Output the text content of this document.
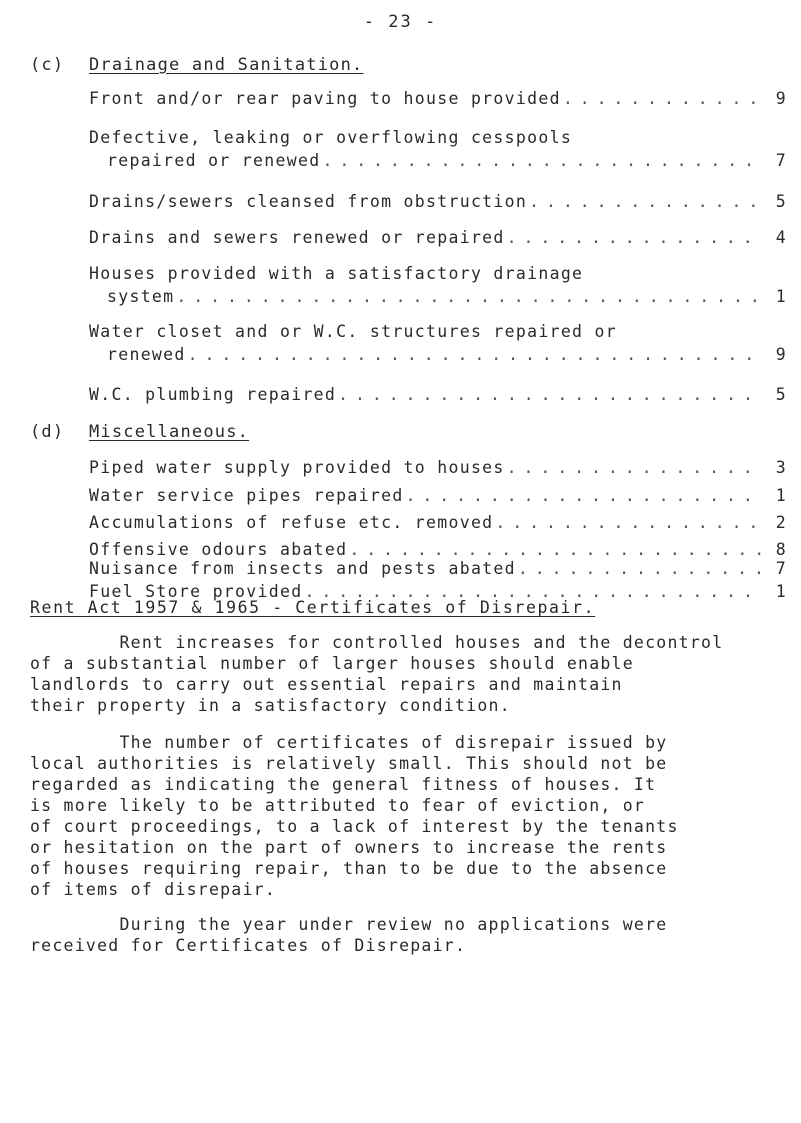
- 23 -
(c) Drainage and Sanitation.
Front and/or rear paving to house provided . . .	9
Defective, leaking or overflowing cesspools
repaired or renewed . . .	7
Drains/sewers cleansed from obstruction . . .	5
Drains and sewers renewed or repaired . . .	4
Houses provided with a satisfactory drainage
system . . .	1
Water closet and or W.C. structures repaired or
renewed . . .	9
W.C. plumbing repaired . . .	5
(d) Miscellaneous.
Piped water supply provided to houses . . .	3
Water service pipes repaired . . .	1
Accumulations of refuse etc. removed . . .	2
Offensive odours abated . . .	8
Nuisance from insects and pests abated . . .	7
Fuel Store provided . . .	1
Rent Act 1957 & 1965 - Certificates of Disrepair.

Rent increases for controlled houses and the decontrol

of a substantial number of larger houses should enable

landlords to carry out essential repairs and maintain

their property in a satisfactory condition.

The number of certificates of disrepair issued by

local authorities is relatively small. This should not be

regarded as indicating the general fitness of houses. It

is more likely to be attributed to fear of eviction, or

of court proceedings, to a lack of interest by the tenants

or hesitation on the part of owners to increase the rents

of houses requiring repair, than to be due to the absence

of items of disrepair.

During the year under review no applications were

received for Certificates of Disrepair.
